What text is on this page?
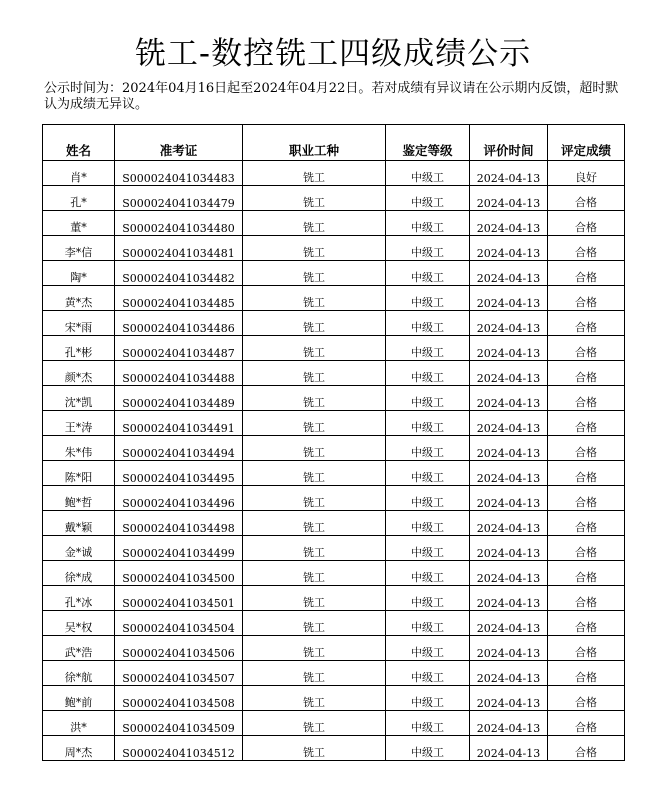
铣工-数控铣工四级成绩公示
公示时间为：2024年04月16日起至2024年04月22日。若对成绩有异议请在公示期内反馈，超时默认为成绩无异议。
姓名	准考证	职业工种	鉴定等级	评价时间	评定成绩
肖*	S000024041034483	铣工	中级工	2024-04-13	良好
孔*	S000024041034479	铣工	中级工	2024-04-13	合格
董*	S000024041034480	铣工	中级工	2024-04-13	合格
李*信	S000024041034481	铣工	中级工	2024-04-13	合格
陶*	S000024041034482	铣工	中级工	2024-04-13	合格
黄*杰	S000024041034485	铣工	中级工	2024-04-13	合格
宋*雨	S000024041034486	铣工	中级工	2024-04-13	合格
孔*彬	S000024041034487	铣工	中级工	2024-04-13	合格
颜*杰	S000024041034488	铣工	中级工	2024-04-13	合格
沈*凯	S000024041034489	铣工	中级工	2024-04-13	合格
王*涛	S000024041034491	铣工	中级工	2024-04-13	合格
朱*伟	S000024041034494	铣工	中级工	2024-04-13	合格
陈*阳	S000024041034495	铣工	中级工	2024-04-13	合格
鲍*哲	S000024041034496	铣工	中级工	2024-04-13	合格
戴*颖	S000024041034498	铣工	中级工	2024-04-13	合格
金*诚	S000024041034499	铣工	中级工	2024-04-13	合格
徐*成	S000024041034500	铣工	中级工	2024-04-13	合格
孔*冰	S000024041034501	铣工	中级工	2024-04-13	合格
吴*权	S000024041034504	铣工	中级工	2024-04-13	合格
武*浩	S000024041034506	铣工	中级工	2024-04-13	合格
徐*航	S000024041034507	铣工	中级工	2024-04-13	合格
鲍*前	S000024041034508	铣工	中级工	2024-04-13	合格
洪*	S000024041034509	铣工	中级工	2024-04-13	合格
周*杰	S000024041034512	铣工	中级工	2024-04-13	合格
